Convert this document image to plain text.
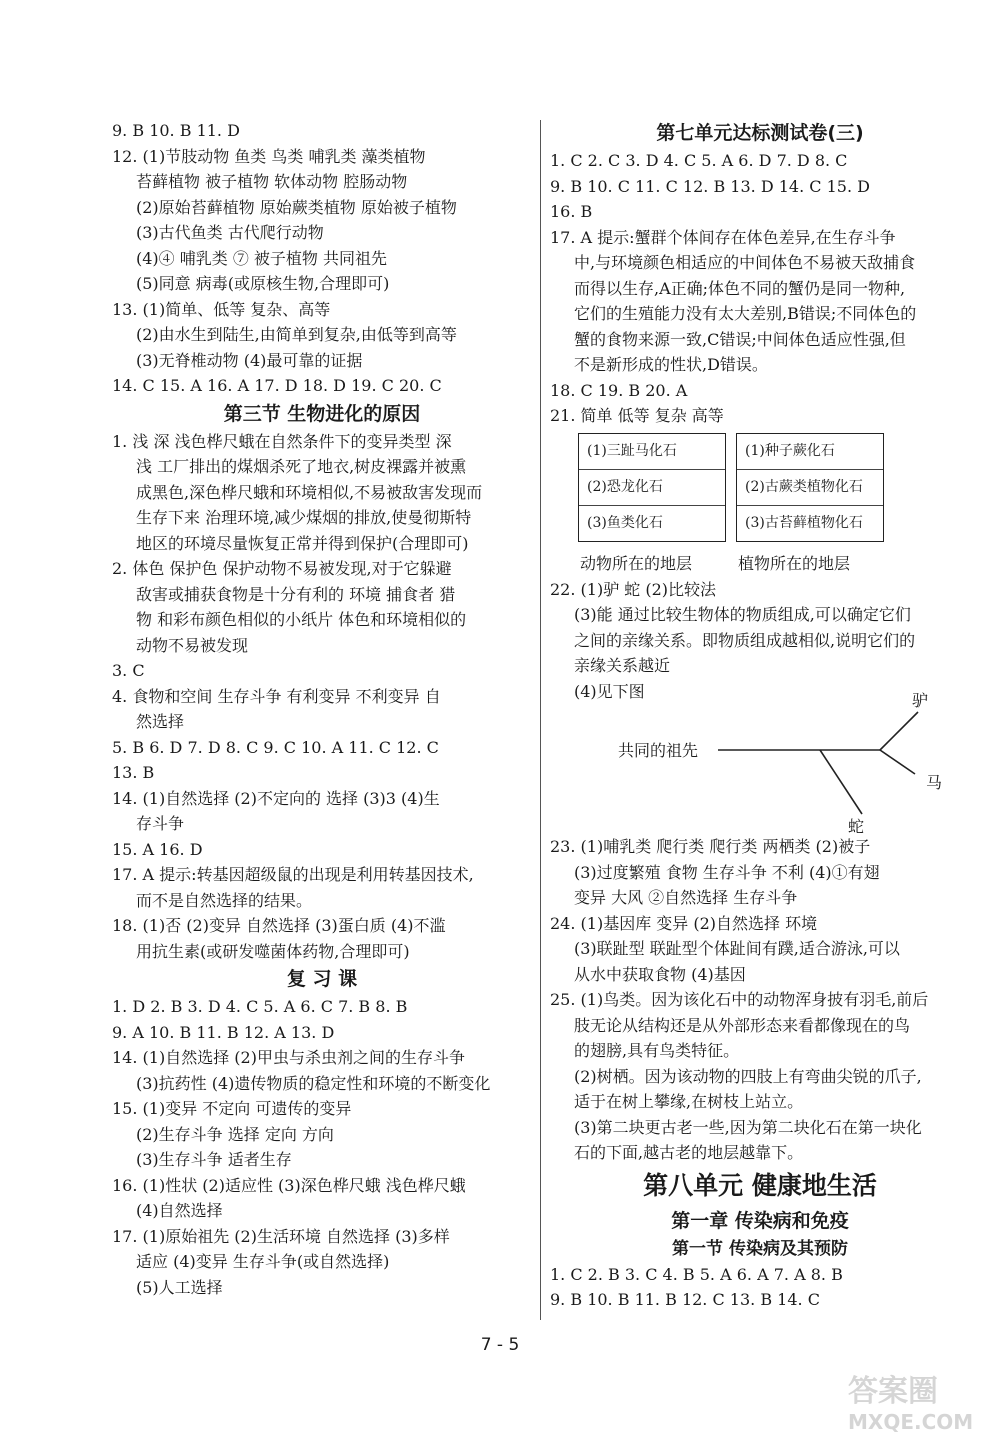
9. B 10. B 11. D
12. (1)节肢动物 鱼类 鸟类 哺乳类 藻类植物
苔藓植物 被子植物 软体动物 腔肠动物
(2)原始苔藓植物 原始蕨类植物 原始被子植物
(3)古代鱼类 古代爬行动物
(4)④ 哺乳类 ⑦ 被子植物 共同祖先
(5)同意 病毒(或原核生物,合理即可)
13. (1)简单、低等 复杂、高等
(2)由水生到陆生,由简单到复杂,由低等到高等
(3)无脊椎动物 (4)最可靠的证据
14. C 15. A 16. A 17. D 18. D 19. C 20. C
第三节 生物进化的原因
1. 浅 深 浅色桦尺蛾在自然条件下的变异类型 深
浅 工厂排出的煤烟杀死了地衣,树皮裸露并被熏
成黑色,深色桦尺蛾和环境相似,不易被敌害发现而
生存下来 治理环境,减少煤烟的排放,使曼彻斯特
地区的环境尽量恢复正常并得到保护(合理即可)
2. 体色 保护色 保护动物不易被发现,对于它躲避
敌害或捕获食物是十分有利的 环境 捕食者 猎
物 和彩布颜色相似的小纸片 体色和环境相似的
动物不易被发现
3. C
4. 食物和空间 生存斗争 有利变异 不利变异 自
然选择
5. B 6. D 7. D 8. C 9. C 10. A 11. C 12. C
13. B
14. (1)自然选择 (2)不定向的 选择 (3)3 (4)生
存斗争
15. A 16. D
17. A 提示:转基因超级鼠的出现是利用转基因技术,
而不是自然选择的结果。
18. (1)否 (2)变异 自然选择 (3)蛋白质 (4)不滥
用抗生素(或研发噬菌体药物,合理即可)
复 习 课
1. D 2. B 3. D 4. C 5. A 6. C 7. B 8. B
9. A 10. B 11. B 12. A 13. D
14. (1)自然选择 (2)甲虫与杀虫剂之间的生存斗争
(3)抗药性 (4)遗传物质的稳定性和环境的不断变化
15. (1)变异 不定向 可遗传的变异
(2)生存斗争 选择 定向 方向
(3)生存斗争 适者生存
16. (1)性状 (2)适应性 (3)深色桦尺蛾 浅色桦尺蛾
(4)自然选择
17. (1)原始祖先 (2)生活环境 自然选择 (3)多样
适应 (4)变异 生存斗争(或自然选择)
(5)人工选择
第七单元达标测试卷(三)
1. C 2. C 3. D 4. C 5. A 6. D 7. D 8. C
9. B 10. C 11. C 12. B 13. D 14. C 15. D
16. B
17. A 提示:蟹群个体间存在体色差异,在生存斗争
中,与环境颜色相适应的中间体色不易被天敌捕食
而得以生存,A正确;体色不同的蟹仍是同一物种,
它们的生殖能力没有太大差别,B错误;不同体色的
蟹的食物来源一致,C错误;中间体色适应性强,但
不是新形成的性状,D错误。
18. C 19. B 20. A
21. 简单 低等 复杂 高等
(1)三趾马化石
(2)恐龙化石
(3)鱼类化石
(1)种子蕨化石
(2)古蕨类植物化石
(3)古苔藓植物化石
动物所在的地层	植物所在的地层
22. (1)驴 蛇 (2)比较法
(3)能 通过比较生物体的物质组成,可以确定它们
之间的亲缘关系。即物质组成越相似,说明它们的
亲缘关系越近
(4)见下图
共同的祖先
驴
马
蛇
23. (1)哺乳类 爬行类 爬行类 两栖类 (2)被子
(3)过度繁殖 食物 生存斗争 不利 (4)①有翅
变异 大风 ②自然选择 生存斗争
24. (1)基因库 变异 (2)自然选择 环境
(3)联趾型 联趾型个体趾间有蹼,适合游泳,可以
从水中获取食物 (4)基因
25. (1)鸟类。因为该化石中的动物浑身披有羽毛,前后
肢无论从结构还是从外部形态来看都像现在的鸟
的翅膀,具有鸟类特征。
(2)树栖。因为该动物的四肢上有弯曲尖锐的爪子,
适于在树上攀缘,在树枝上站立。
(3)第二块更古老一些,因为第二块化石在第一块化
石的下面,越古老的地层越靠下。
第八单元 健康地生活
第一章 传染病和免疫
第一节 传染病及其预防
1. C 2. B 3. C 4. B 5. A 6. A 7. A 8. B
9. B 10. B 11. B 12. C 13. B 14. C
7 - 5
答案圈
MXQE.COM
